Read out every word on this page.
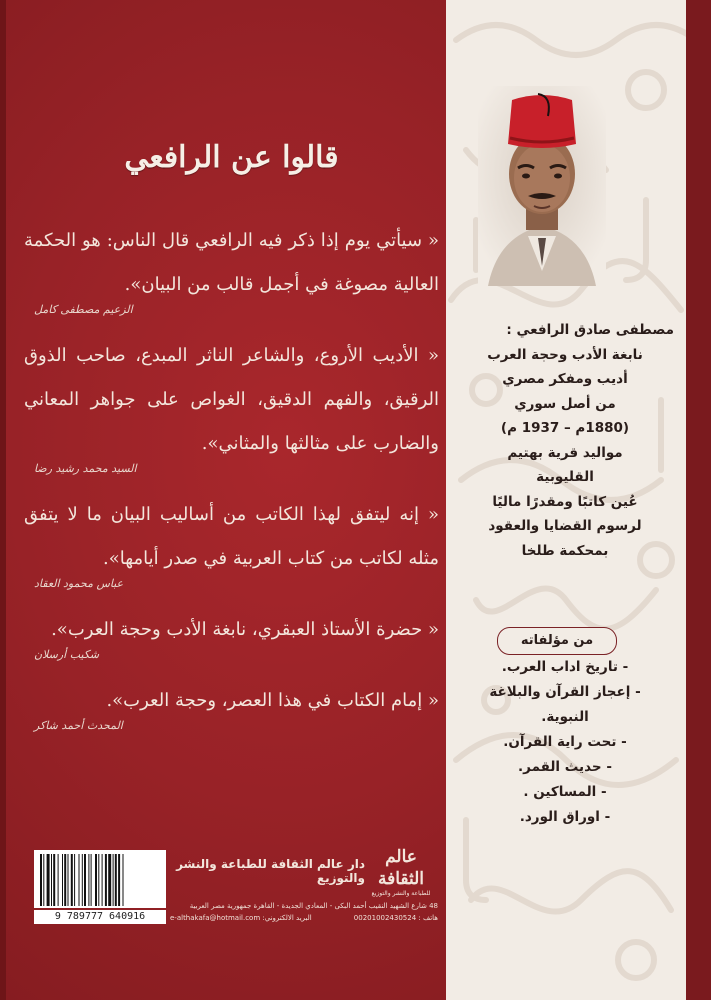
قالوا عن الرافعي
« سيأتي يوم إذا ذكر فيه الرافعي قال الناس: هو الحكمة العالية مصوغة في أجمل قالب من البيان».
الزعيم مصطفى كامل
« الأديب الأروع، والشاعر الناثر المبدع، صاحب الذوق الرقيق، والفهم الدقيق، الغواص على جواهر المعاني والضارب على مثالثها والمثاني».
السيد محمد رشيد رضا
« إنه ليتفق لهذا الكاتب من أساليب البيان ما لا يتفق مثله لكاتب من كتاب العربية في صدر أيامها».
عباس محمود العقاد
« حضرة الأستاذ العبقري، نابغة الأدب وحجة العرب».
شكيب أرسلان
« إمام الكتاب في هذا العصر، وحجة العرب».
المحدث أحمد شاكر
مصطفى صادق الرافعي :
نابغة الأدب وحجة العرب
أديب ومفكر مصري
من أصل سوري
(1880م – 1937 م)
مواليد قرية بهتيم
القليوبية
عُين كاتبًا ومقدرًا ماليًا
لرسوم القضايا والعقود
بمحكمة طلخا
من مؤلفاته
- تاريخ اداب العرب.
- إعجاز القرآن والبلاغة
النبوية.
- تحت راية القرآن.
- حديث القمر.
- المساكين .
- اوراق الورد.
9 789777 640916
عالم الثقافة
للطباعة والنشر والتوزيع
دار عالم الثقافة للطباعة والنشر والتوزيع
48 شارع الشهيد النقيب أحمد البكى - المعادي الجديدة - القاهرة جمهورية مصر العربية
هاتف : 00201002430524
البريد الالكتروني: e-althakafa@hotmail.com
